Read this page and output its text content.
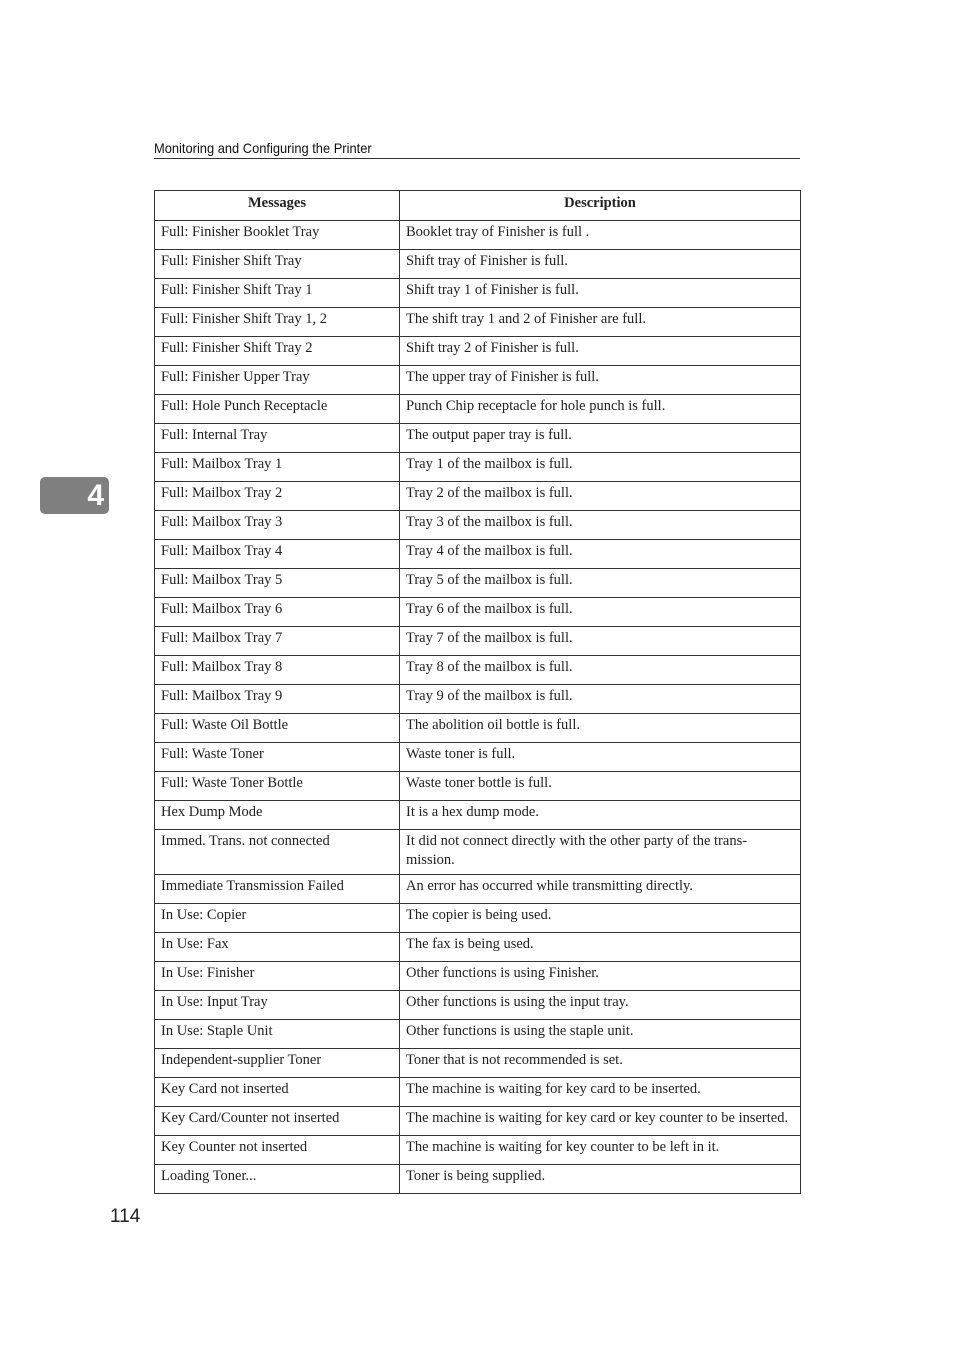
Monitoring and Configuring the Printer
4
Messages	Description
Full: Finisher Booklet Tray	Booklet tray of Finisher is full .
Full: Finisher Shift Tray	Shift tray of Finisher is full.
Full: Finisher Shift Tray 1	Shift tray 1 of Finisher is full.
Full: Finisher Shift Tray 1, 2	The shift tray 1 and 2 of Finisher are full.
Full: Finisher Shift Tray 2	Shift tray 2 of Finisher is full.
Full: Finisher Upper Tray	The upper tray of Finisher is full.
Full: Hole Punch Receptacle	Punch Chip receptacle for hole punch is full.
Full: Internal Tray	The output paper tray is full.
Full: Mailbox Tray 1	Tray 1 of the mailbox is full.
Full: Mailbox Tray 2	Tray 2 of the mailbox is full.
Full: Mailbox Tray 3	Tray 3 of the mailbox is full.
Full: Mailbox Tray 4	Tray 4 of the mailbox is full.
Full: Mailbox Tray 5	Tray 5 of the mailbox is full.
Full: Mailbox Tray 6	Tray 6 of the mailbox is full.
Full: Mailbox Tray 7	Tray 7 of the mailbox is full.
Full: Mailbox Tray 8	Tray 8 of the mailbox is full.
Full: Mailbox Tray 9	Tray 9 of the mailbox is full.
Full: Waste Oil Bottle	The abolition oil bottle is full.
Full: Waste Toner	Waste toner is full.
Full: Waste Toner Bottle	Waste toner bottle is full.
Hex Dump Mode	It is a hex dump mode.
Immed. Trans. not connected	It did not connect directly with the other party of the trans-mission.
Immediate Transmission Failed	An error has occurred while transmitting directly.
In Use: Copier	The copier is being used.
In Use: Fax	The fax is being used.
In Use: Finisher	Other functions is using Finisher.
In Use: Input Tray	Other functions is using the input tray.
In Use: Staple Unit	Other functions is using the staple unit.
Independent-supplier Toner	Toner that is not recommended is set.
Key Card not inserted	The machine is waiting for key card to be inserted.
Key Card/Counter not inserted	The machine is waiting for key card or key counter to be inserted.
Key Counter not inserted	The machine is waiting for key counter to be left in it.
Loading Toner...	Toner is being supplied.
114
